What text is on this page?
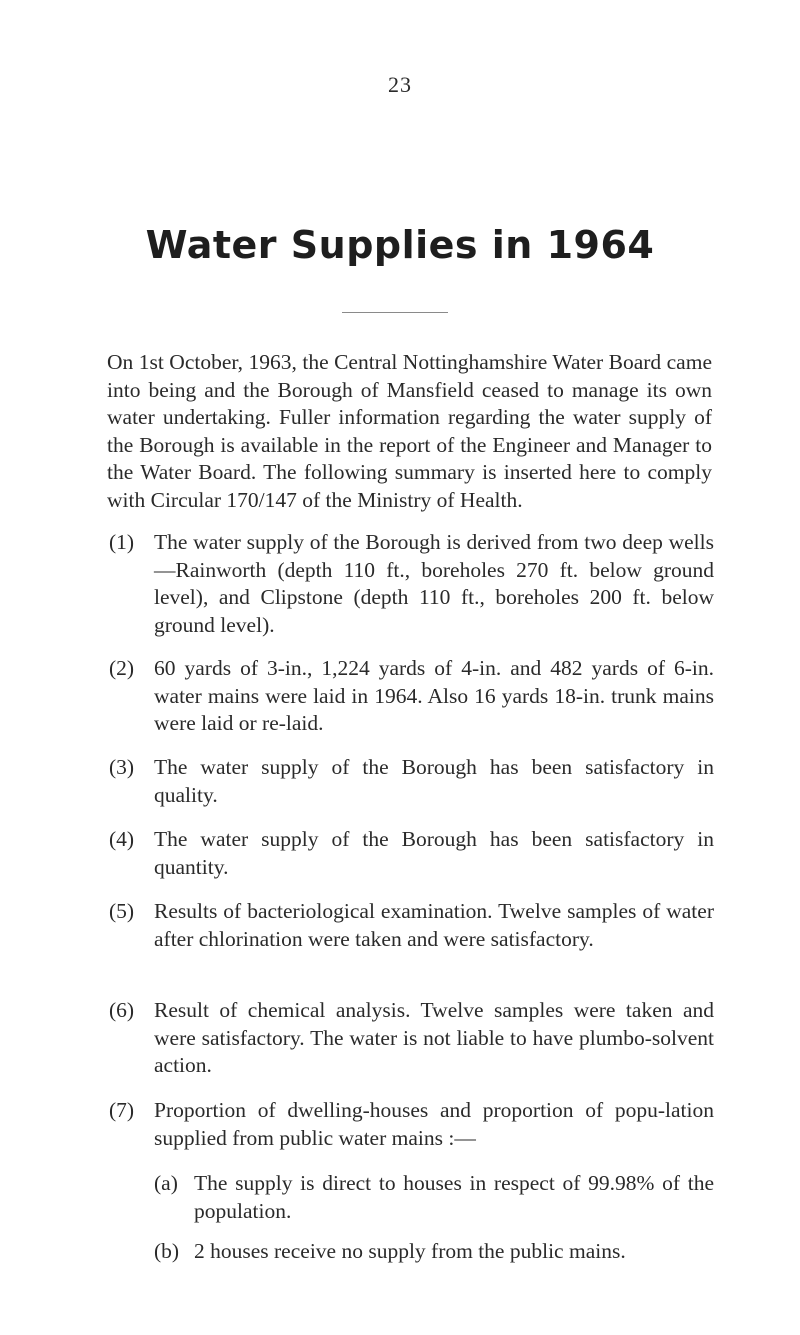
23
Water Supplies in 1964

On 1st October, 1963, the Central Nottinghamshire Water Board came into being and the Borough of Mansfield ceased to manage its own water undertaking. Fuller information regarding the water supply of the Borough is available in the report of the Engineer and Manager to the Water Board. The following summary is inserted here to comply with Circular 170/147 of the Ministry of Health.

(1) The water supply of the Borough is derived from two deep wells—Rainworth (depth 110 ft., boreholes 270 ft. below ground level), and Clipstone (depth 110 ft., boreholes 200 ft. below ground level).
(2) 60 yards of 3-in., 1,224 yards of 4-in. and 482 yards of 6-in. water mains were laid in 1964. Also 16 yards 18-in. trunk mains were laid or re-laid.
(3) The water supply of the Borough has been satisfactory in quality.
(4) The water supply of the Borough has been satisfactory in quantity.
(5) Results of bacteriological examination. Twelve samples of water after chlorination were taken and were satisfactory.
(6) Result of chemical analysis. Twelve samples were taken and were satisfactory. The water is not liable to have plumbo-solvent action.
(7) Proportion of dwelling-houses and proportion of popu-lation supplied from public water mains :—
(a) The supply is direct to houses in respect of 99.98% of the population.
(b) 2 houses receive no supply from the public mains.
